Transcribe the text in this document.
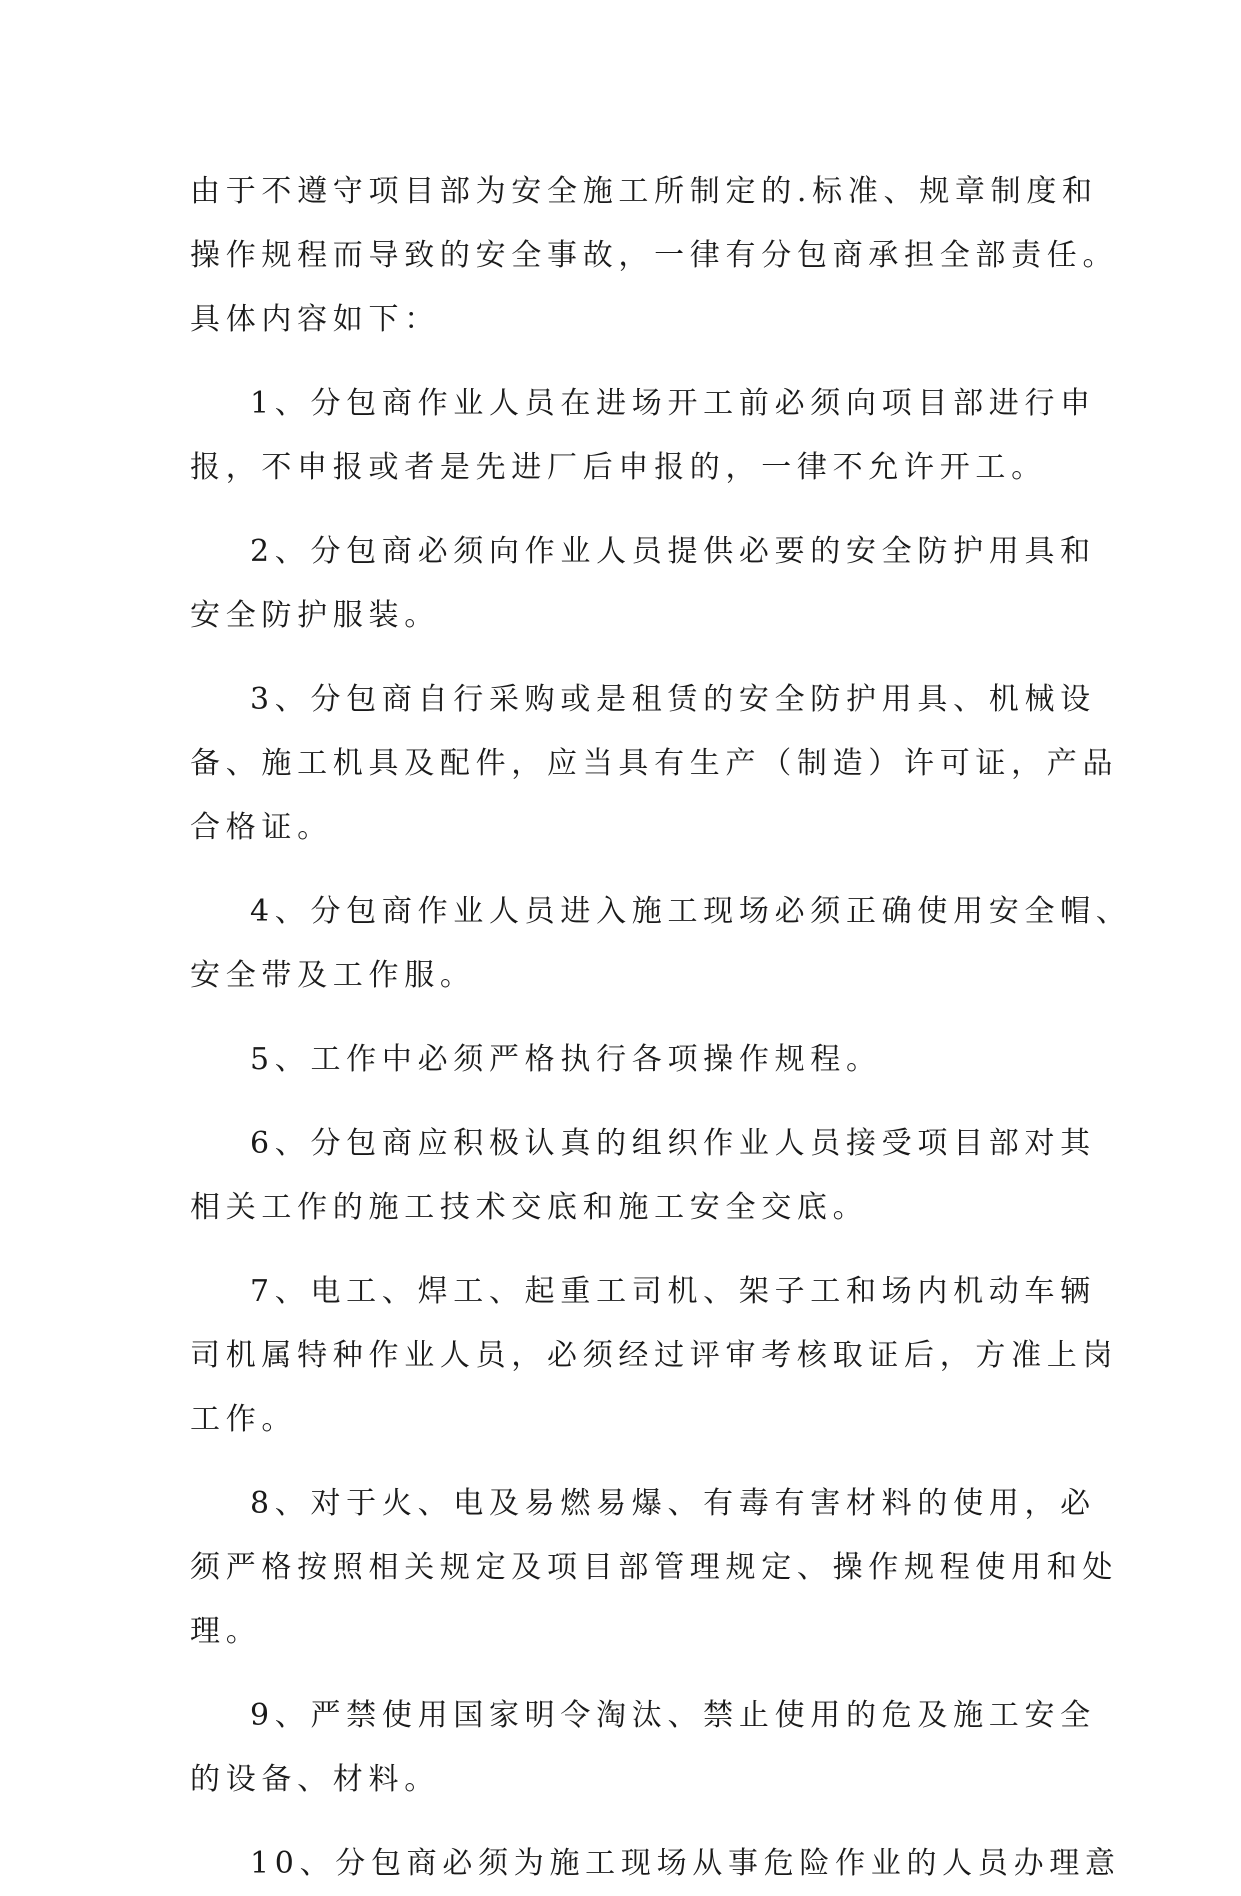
由于不遵守项目部为安全施工所制定的.标准、规章制度和
操作规程而导致的安全事故，一律有分包商承担全部责任。
具体内容如下：
1、分包商作业人员在进场开工前必须向项目部进行申
报，不申报或者是先进厂后申报的，一律不允许开工。
2、分包商必须向作业人员提供必要的安全防护用具和
安全防护服装。
3、分包商自行采购或是租赁的安全防护用具、机械设
备、施工机具及配件，应当具有生产（制造）许可证，产品
合格证。
4、分包商作业人员进入施工现场必须正确使用安全帽、
安全带及工作服。
5、工作中必须严格执行各项操作规程。
6、分包商应积极认真的组织作业人员接受项目部对其
相关工作的施工技术交底和施工安全交底。
7、电工、焊工、起重工司机、架子工和场内机动车辆
司机属特种作业人员，必须经过评审考核取证后，方准上岗
工作。
8、对于火、电及易燃易爆、有毒有害材料的使用，必
须严格按照相关规定及项目部管理规定、操作规程使用和处
理。
9、严禁使用国家明令淘汰、禁止使用的危及施工安全
的设备、材料。
10、分包商必须为施工现场从事危险作业的人员办理意
